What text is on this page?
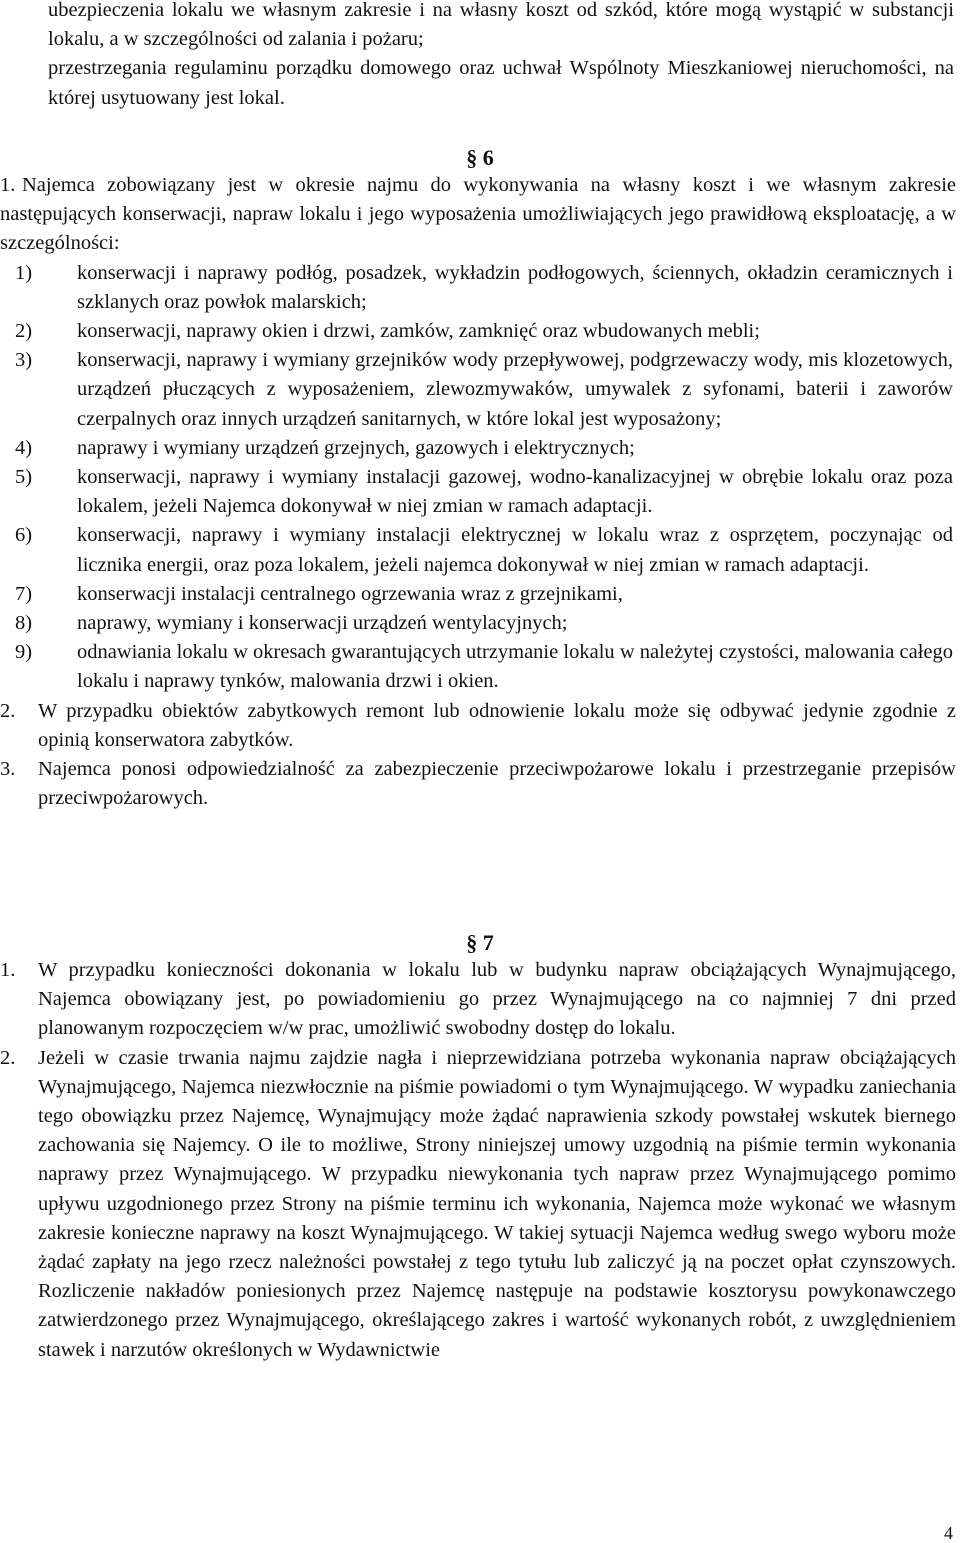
ubezpieczenia lokalu we własnym zakresie i na własny koszt od szkód, które mogą wystąpić w substancji lokalu, a w szczególności od zalania i pożaru;
przestrzegania regulaminu porządku domowego oraz uchwał Wspólnoty Mieszkaniowej nieruchomości, na której usytuowany jest lokal.
§ 6
1. Najemca zobowiązany jest w okresie najmu do wykonywania na własny koszt i we własnym zakresie następujących konserwacji, napraw lokalu i jego wyposażenia umożliwiających jego prawidłową eksploatację, a w szczególności:
1) konserwacji i naprawy podłóg, posadzek, wykładzin podłogowych, ściennych, okładzin ceramicznych i szklanych oraz powłok malarskich;
2) konserwacji, naprawy okien i drzwi, zamków, zamknięć oraz wbudowanych mebli;
3) konserwacji, naprawy i wymiany grzejników wody przepływowej, podgrzewaczy wody, mis klozetowych, urządzeń płuczących z wyposażeniem, zlewozmywaków, umywalek z syfonami, baterii i zaworów czerpalnych oraz innych urządzeń sanitarnych, w które lokal jest wyposażony;
4) naprawy i wymiany urządzeń grzejnych, gazowych i elektrycznych;
5) konserwacji, naprawy i wymiany instalacji gazowej, wodno-kanalizacyjnej w obrębie lokalu oraz poza lokalem, jeżeli Najemca dokonywał w niej zmian w ramach adaptacji.
6) konserwacji, naprawy i wymiany instalacji elektrycznej w lokalu wraz z osprzętem, poczynając od licznika energii, oraz poza lokalem, jeżeli najemca dokonywał w niej zmian w ramach adaptacji.
7) konserwacji instalacji centralnego ogrzewania wraz z grzejnikami,
8) naprawy, wymiany i konserwacji urządzeń wentylacyjnych;
9) odnawiania lokalu w okresach gwarantujących utrzymanie lokalu w należytej czystości, malowania całego lokalu i naprawy tynków, malowania drzwi i okien.
2. W przypadku obiektów zabytkowych remont lub odnowienie lokalu może się odbywać jedynie zgodnie z opinią konserwatora zabytków.
3. Najemca ponosi odpowiedzialność za zabezpieczenie przeciwpożarowe lokalu i przestrzeganie przepisów przeciwpożarowych.
§ 7
1. W przypadku konieczności dokonania w lokalu lub w budynku napraw obciążających Wynajmującego, Najemca obowiązany jest, po powiadomieniu go przez Wynajmującego na co najmniej 7 dni przed planowanym rozpoczęciem w/w prac, umożliwić swobodny dostęp do lokalu.
2. Jeżeli w czasie trwania najmu zajdzie nagła i nieprzewidziana potrzeba wykonania napraw obciążających Wynajmującego, Najemca niezwłocznie na piśmie powiadomi o tym Wynajmującego. W wypadku zaniechania tego obowiązku przez Najemcę, Wynajmujący może żądać naprawienia szkody powstałej wskutek biernego zachowania się Najemcy. O ile to możliwe, Strony niniejszej umowy uzgodnią na piśmie termin wykonania naprawy przez Wynajmującego. W przypadku niewykonania tych napraw przez Wynajmującego pomimo upływu uzgodnionego przez Strony na piśmie terminu ich wykonania, Najemca może wykonać we własnym zakresie konieczne naprawy na koszt Wynajmującego. W takiej sytuacji Najemca według swego wyboru może żądać zapłaty na jego rzecz należności powstałej z tego tytułu lub zaliczyć ją na poczet opłat czynszowych. Rozliczenie nakładów poniesionych przez Najemcę następuje na podstawie kosztorysu powykonawczego zatwierdzonego przez Wynajmującego, określającego zakres i wartość wykonanych robót, z uwzględnieniem stawek i narzutów określonych w Wydawnictwie
4
